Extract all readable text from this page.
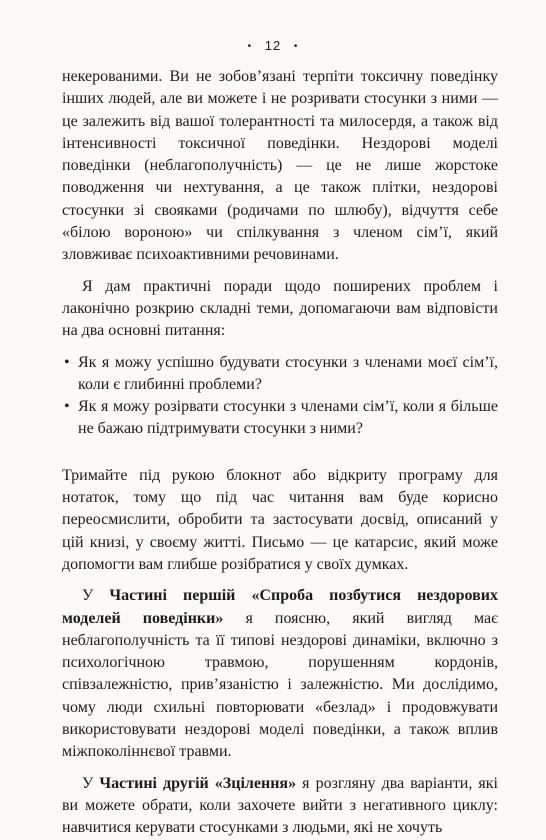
• 12 •

некерованими. Ви не зобов’язані терпіти токсичну поведінку інших людей, але ви можете і не розривати стосунки з ними — це залежить від вашої толерантності та милосердя, а також від інтенсивності токсичної поведінки. Нездорові моделі поведінки (неблагополучність) — це не лише жорстоке поводження чи нехтування, а це також плітки, нездорові стосунки зі свояками (родичами по шлюбу), відчуття себе «білою вороною» чи спілкування з членом сім’ї, який зловживає психоактивними речовинами.

Я дам практичні поради щодо поширених проблем і лаконічно розкрию складні теми, допомагаючи вам відповісти на два основні питання:

• Як я можу успішно будувати стосунки з членами моєї сім’ї, коли є глибинні проблеми?
• Як я можу розірвати стосунки з членами сім’ї, коли я більше не бажаю підтримувати стосунки з ними?

Тримайте під рукою блокнот або відкриту програму для нотаток, тому що під час читання вам буде корисно переосмислити, обробити та застосувати досвід, описаний у цій книзі, у своєму житті. Письмо — це катарсис, який може допомогти вам глибше розібратися у своїх думках.

У Частині першій «Спроба позбутися нездорових моделей поведінки» я поясню, який вигляд має неблагополучність та її типові нездорові динаміки, включно з психологічною травмою, порушенням кордонів, співзалежністю, прив’язаністю і залежністю. Ми дослідимо, чому люди схильні повторювати «безлад» і продовжувати використовувати нездорові моделі поведінки, а також вплив міжпоколіннєвої травми.

У Частині другій «Зцілення» я розгляну два варіанти, які ви можете обрати, коли захочете вийти з негативного циклу: навчитися керувати стосунками з людьми, які не хочуть
